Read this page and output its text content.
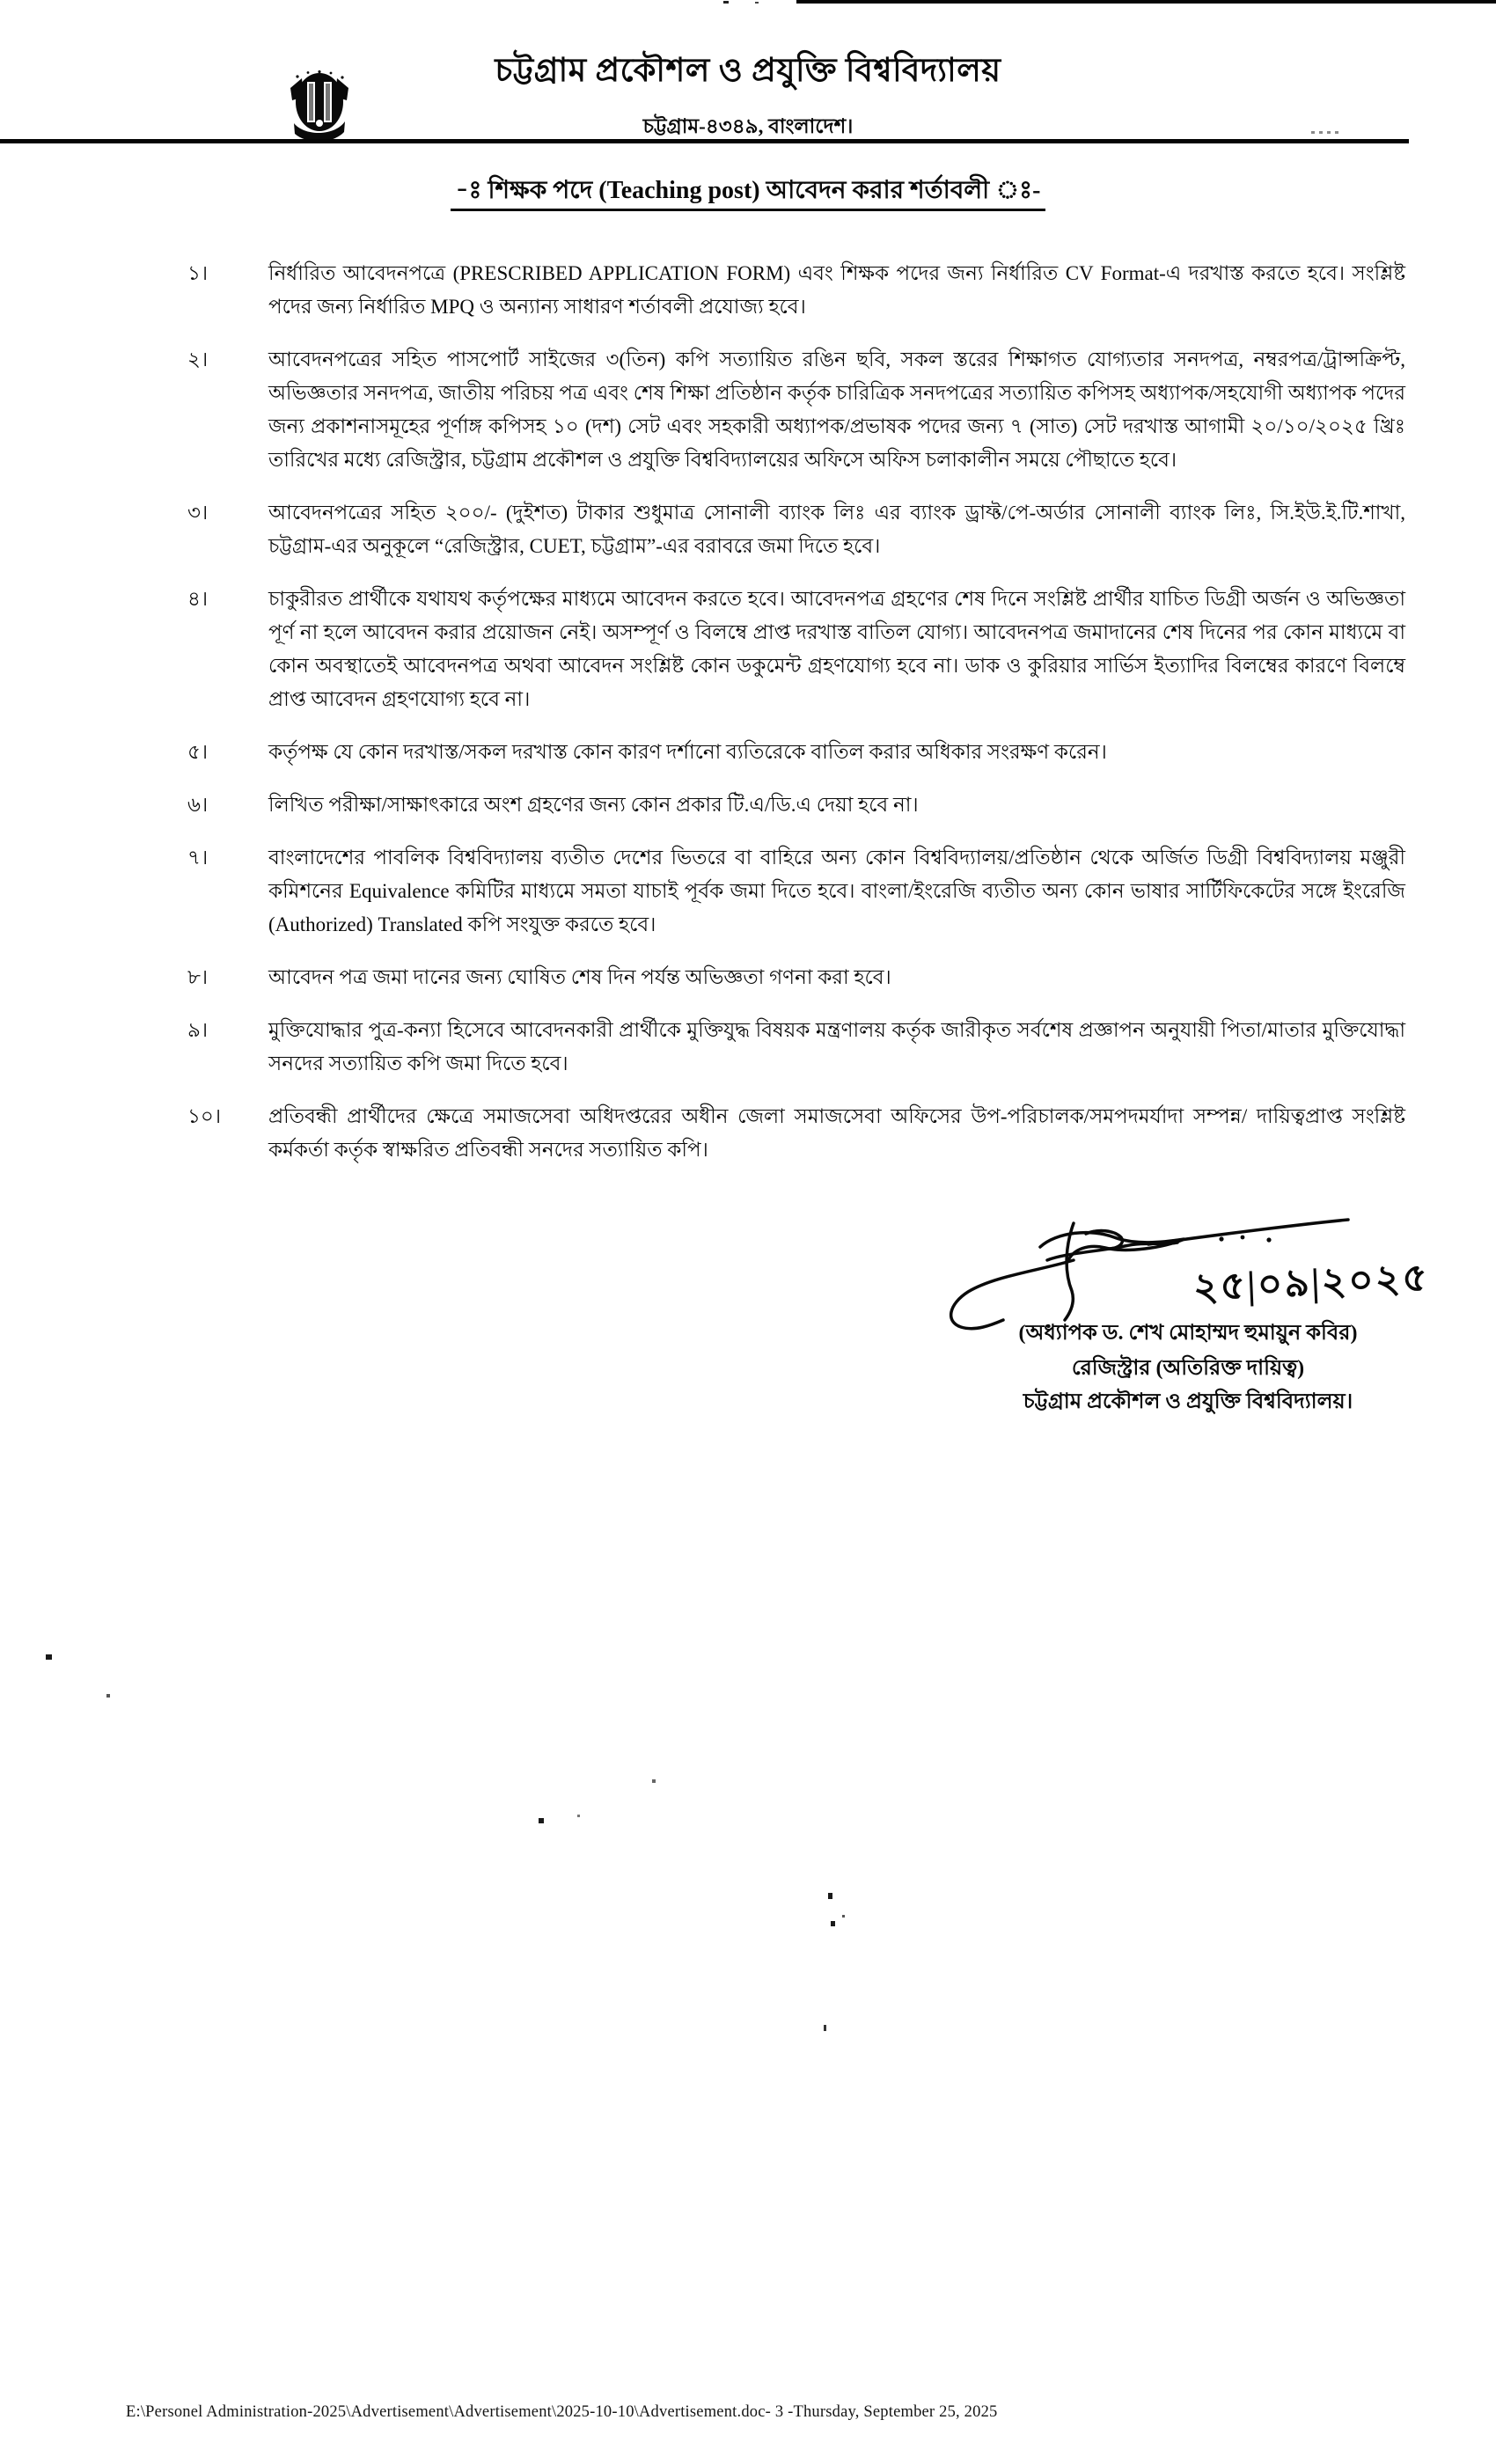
চট্টগ্রাম প্রকৌশল ও প্রযুক্তি বিশ্ববিদ্যালয়
চট্টগ্রাম-৪৩৪৯, বাংলাদেশ।
-ঃ শিক্ষক পদে (Teaching post) আবেদন করার শর্তাবলী ঃ-
১।	নির্ধারিত আবেদনপত্রে (PRESCRIBED APPLICATION FORM) এবং শিক্ষক পদের জন্য নির্ধারিত CV Format-এ দরখাস্ত করতে হবে। সংশ্লিষ্ট পদের জন্য নির্ধারিত MPQ ও অন্যান্য সাধারণ শর্তাবলী প্রযোজ্য হবে।
২।	আবেদনপত্রের সহিত পাসপোর্ট সাইজের ৩(তিন) কপি সত্যায়িত রঙিন ছবি, সকল স্তরের শিক্ষাগত যোগ্যতার সনদপত্র, নম্বরপত্র/ট্রান্সক্রিপ্ট, অভিজ্ঞতার সনদপত্র, জাতীয় পরিচয় পত্র এবং শেষ শিক্ষা প্রতিষ্ঠান কর্তৃক চারিত্রিক সনদপত্রের সত্যায়িত কপিসহ অধ্যাপক/সহযোগী অধ্যাপক পদের জন্য প্রকাশনাসমূহের পূর্ণাঙ্গ কপিসহ ১০ (দশ) সেট এবং সহকারী অধ্যাপক/প্রভাষক পদের জন্য ৭ (সাত) সেট দরখাস্ত আগামী ২০/১০/২০২৫ খ্রিঃ তারিখের মধ্যে রেজিস্ট্রার, চট্টগ্রাম প্রকৌশল ও প্রযুক্তি বিশ্ববিদ্যালয়ের অফিসে অফিস চলাকালীন সময়ে পৌছাতে হবে।
৩।	আবেদনপত্রের সহিত ২০০/- (দুইশত) টাকার শুধুমাত্র সোনালী ব্যাংক লিঃ এর ব্যাংক ড্রাফ্ট/পে-অর্ডার সোনালী ব্যাংক লিঃ, সি.ইউ.ই.টি.শাখা, চট্টগ্রাম-এর অনুকূলে “রেজিস্ট্রার, CUET, চট্টগ্রাম”-এর বরাবরে জমা দিতে হবে।
৪।	চাকুরীরত প্রার্থীকে যথাযথ কর্তৃপক্ষের মাধ্যমে আবেদন করতে হবে। আবেদনপত্র গ্রহণের শেষ দিনে সংশ্লিষ্ট প্রার্থীর যাচিত ডিগ্রী অর্জন ও অভিজ্ঞতা পূর্ণ না হলে আবেদন করার প্রয়োজন নেই। অসম্পূর্ণ ও বিলম্বে প্রাপ্ত দরখাস্ত বাতিল যোগ্য। আবেদনপত্র জমাদানের শেষ দিনের পর কোন মাধ্যমে বা কোন অবস্থাতেই আবেদনপত্র অথবা আবেদন সংশ্লিষ্ট কোন ডকুমেন্ট গ্রহণযোগ্য হবে না। ডাক ও কুরিয়ার সার্ভিস ইত্যাদির বিলম্বের কারণে বিলম্বে প্রাপ্ত আবেদন গ্রহণযোগ্য হবে না।
৫।	কর্তৃপক্ষ যে কোন দরখাস্ত/সকল দরখাস্ত কোন কারণ দর্শানো ব্যতিরেকে বাতিল করার অধিকার সংরক্ষণ করেন।
৬।	লিখিত পরীক্ষা/সাক্ষাৎকারে অংশ গ্রহণের জন্য কোন প্রকার টি.এ/ডি.এ দেয়া হবে না।
৭।	বাংলাদেশের পাবলিক বিশ্ববিদ্যালয় ব্যতীত দেশের ভিতরে বা বাহিরে অন্য কোন বিশ্ববিদ্যালয়/প্রতিষ্ঠান থেকে অর্জিত ডিগ্রী বিশ্ববিদ্যালয় মঞ্জুরী কমিশনের Equivalence কমিটির মাধ্যমে সমতা যাচাই পূর্বক জমা দিতে হবে। বাংলা/ইংরেজি ব্যতীত অন্য কোন ভাষার সার্টিফিকেটের সঙ্গে ইংরেজি (Authorized) Translated কপি সংযুক্ত করতে হবে।
৮।	আবেদন পত্র জমা দানের জন্য ঘোষিত শেষ দিন পর্যন্ত অভিজ্ঞতা গণনা করা হবে।
৯।	মুক্তিযোদ্ধার পুত্র-কন্যা হিসেবে আবেদনকারী প্রার্থীকে মুক্তিযুদ্ধ বিষয়ক মন্ত্রণালয় কর্তৃক জারীকৃত সর্বশেষ প্রজ্ঞাপন অনুযায়ী পিতা/মাতার মুক্তিযোদ্ধা সনদের সত্যায়িত কপি জমা দিতে হবে।
১০।	প্রতিবন্ধী প্রার্থীদের ক্ষেত্রে সমাজসেবা অধিদপ্তরের অধীন জেলা সমাজসেবা অফিসের উপ-পরিচালক/সমপদমর্যাদা সম্পন্ন/ দায়িত্বপ্রাপ্ত সংশ্লিষ্ট কর্মকর্তা কর্তৃক স্বাক্ষরিত প্রতিবন্ধী সনদের সত্যায়িত কপি।
২৫|০৯|২০২৫
(অধ্যাপক ড. শেখ মোহাম্মদ হুমায়ুন কবির)
রেজিস্ট্রার (অতিরিক্ত দায়িত্ব)
চট্টগ্রাম প্রকৌশল ও প্রযুক্তি বিশ্ববিদ্যালয়।
E:\Personel Administration-2025\Advertisement\Advertisement\2025-10-10\Advertisement.doc- 3 -Thursday, September 25, 2025
